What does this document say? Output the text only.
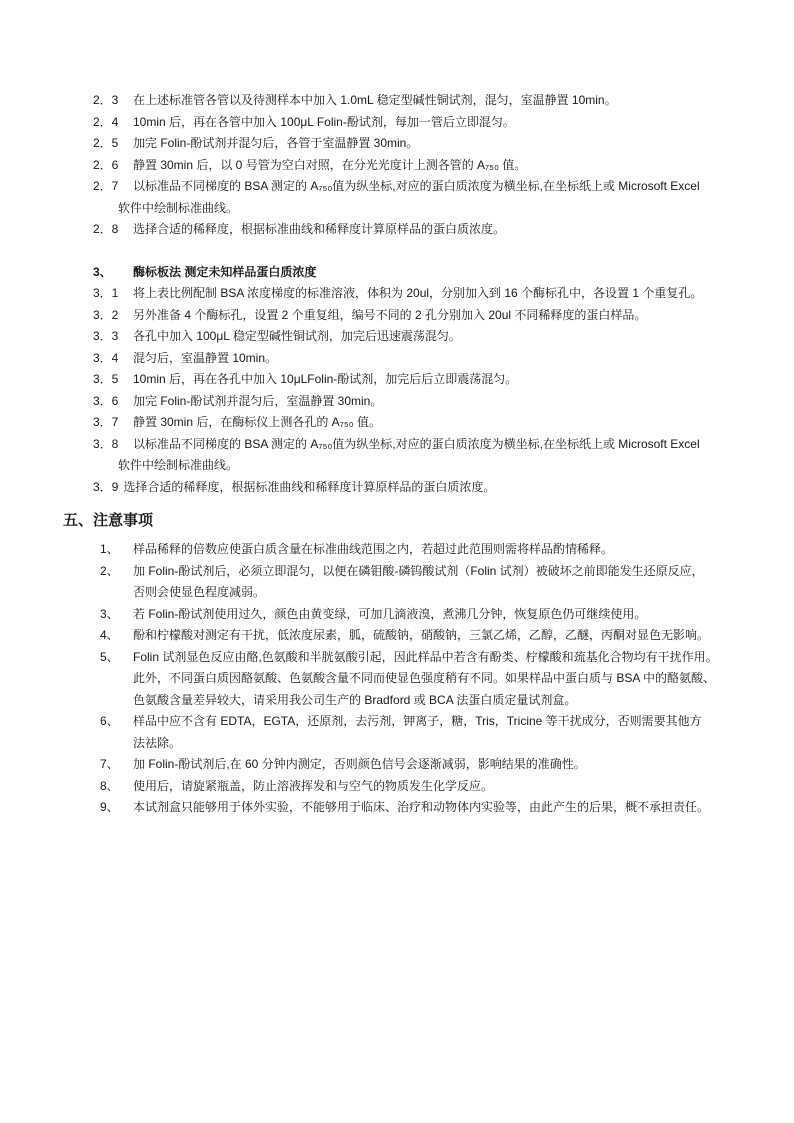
2．3	在上述标准管各管以及待测样本中加入 1.0mL 稳定型碱性铜试剂，混匀，室温静置 10min。
2．4	10min 后，再在各管中加入 100μL Folin-酚试剂，每加一管后立即混匀。
2．5	加完 Folin-酚试剂并混匀后，各管于室温静置 30min。
2．6	静置 30min 后，以 0 号管为空白对照，在分光光度计上测各管的 A₇₅₀ 值。
2．7	以标准品不同梯度的 BSA 测定的 A₇₅₀值为纵坐标,对应的蛋白质浓度为横坐标,在坐标纸上或 Microsoft Excel
软件中绘制标准曲线。
2．8	选择合适的稀释度，根据标准曲线和稀释度计算原样品的蛋白质浓度。
3、	酶标板法 测定未知样品蛋白质浓度
3．1	将上表比例配制 BSA 浓度梯度的标准溶液，体积为 20ul，分别加入到 16 个酶标孔中，各设置 1 个重复孔。
3．2	另外准备 4 个酶标孔，设置 2 个重复组，编号不同的 2 孔分别加入 20ul 不同稀释度的蛋白样品。
3．3	各孔中加入 100μL 稳定型碱性铜试剂，加完后迅速震荡混匀。
3．4	混匀后，室温静置 10min。
3．5	10min 后，再在各孔中加入 10μLFolin-酚试剂，加完后后立即震荡混匀。
3．6	加完 Folin-酚试剂并混匀后，室温静置 30min。
3．7	静置 30min 后，在酶标仪上测各孔的 A₇₅₀ 值。
3．8	以标准品不同梯度的 BSA 测定的 A₇₅₀值为纵坐标,对应的蛋白质浓度为横坐标,在坐标纸上或 Microsoft Excel
软件中绘制标准曲线。
3．9 选择合适的稀释度，根据标准曲线和稀释度计算原样品的蛋白质浓度。
五、注意事项
1、	样品稀释的倍数应使蛋白质含量在标准曲线范围之内，若超过此范围则需将样品酌情稀释。
2、	加 Folin-酚试剂后，必须立即混匀，以便在磷钼酸-磷钨酸试剂（Folin 试剂）被破坏之前即能发生还原反应，
否则会使显色程度减弱。
3、	若 Folin-酚试剂使用过久，颜色由黄变绿，可加几滴液溴，煮沸几分钟，恢复原色仍可继续使用。
4、	酚和柠檬酸对测定有干扰，低浓度尿素，胍，硫酸钠，硝酸钠，三氯乙烯，乙醇，乙醚，丙酮对显色无影响。
5、	Folin 试剂显色反应由酪,色氨酸和半胱氨酸引起，因此样品中若含有酚类、柠檬酸和巯基化合物均有干扰作用。
此外，不同蛋白质因酪氨酸、色氨酸含量不同而使显色强度稍有不同。如果样品中蛋白质与 BSA 中的酪氨酸、
色氨酸含量差异较大，请采用我公司生产的 Bradford 或 BCA 法蛋白质定量试剂盒。
6、	样品中应不含有 EDTA，EGTA，还原剂，去污剂，钾离子，糖，Tris，Tricine 等干扰成分，否则需要其他方
法祛除。
7、	加 Folin-酚试剂后,在 60 分钟内测定，否则颜色信号会逐渐减弱，影响结果的准确性。
8、	使用后，请旋紧瓶盖，防止溶液挥发和与空气的物质发生化学反应。
9、	本试剂盒只能够用于体外实验，不能够用于临床、治疗和动物体内实验等，由此产生的后果，概不承担责任。
